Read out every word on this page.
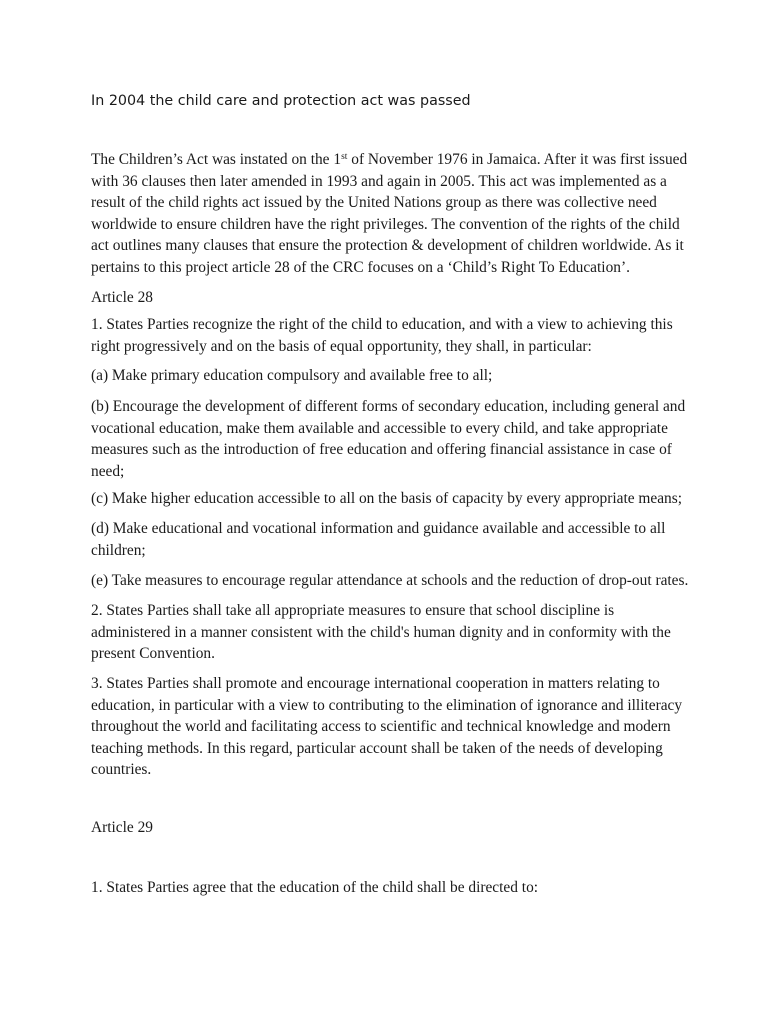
In 2004 the child care and protection act was passed

The Children’s Act was instated on the 1st of November 1976 in Jamaica. After it was first issued with 36 clauses then later amended in 1993 and again in 2005. This act was implemented as a result of the child rights act issued by the United Nations group as there was collective need worldwide to ensure children have the right privileges. The convention of the rights of the child act outlines many clauses that ensure the protection & development of children worldwide. As it pertains to this project article 28 of the CRC focuses on a ‘Child’s Right To Education’.

Article 28

1. States Parties recognize the right of the child to education, and with a view to achieving this right progressively and on the basis of equal opportunity, they shall, in particular:

(a) Make primary education compulsory and available free to all;

(b) Encourage the development of different forms of secondary education, including general and vocational education, make them available and accessible to every child, and take appropriate measures such as the introduction of free education and offering financial assistance in case of need;

(c) Make higher education accessible to all on the basis of capacity by every appropriate means;

(d) Make educational and vocational information and guidance available and accessible to all children;

(e) Take measures to encourage regular attendance at schools and the reduction of drop-out rates.

2. States Parties shall take all appropriate measures to ensure that school discipline is administered in a manner consistent with the child's human dignity and in conformity with the present Convention.

3. States Parties shall promote and encourage international cooperation in matters relating to education, in particular with a view to contributing to the elimination of ignorance and illiteracy throughout the world and facilitating access to scientific and technical knowledge and modern teaching methods. In this regard, particular account shall be taken of the needs of developing countries.

Article 29

1. States Parties agree that the education of the child shall be directed to:
